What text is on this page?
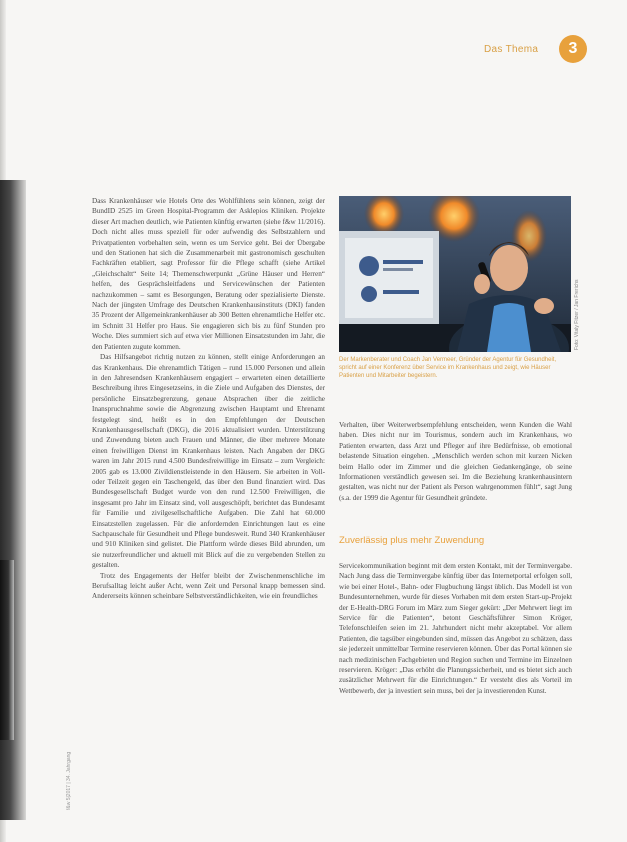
Das Thema	3

Dass Krankenhäuser wie Hotels Orte des Wohlfühlens sein können, zeigt der BundID 2525 im Green Hospital-Programm der Asklepios Kliniken. Projekte dieser Art machen deutlich, wie Patienten künftig erwarten (siehe f&w 11/2016). Doch nicht alles muss speziell für oder aufwendig des Selbstzahlern und Privatpatienten vorbehalten sein, wenn es um Service geht. Bei der Übergabe und den Stationen hat sich die Zusammenarbeit mit gastronomisch geschulten Fachkräften etabliert, sagt Professor für die Pflege schafft (siehe Artikel „Gleichschaltt“ Seite 14; Themenschwerpunkt „Grüne Häuser und Herren“ helfen, des Gesprächsleitfadens und Servicewünschen der Patienten nachzukommen – samt es Besorgungen, Beratung oder spezialisierte Dienste. Nach der jüngsten Umfrage des Deutschen Krankenhausinstituts (DKI) fanden 35 Prozent der Allgemeinkrankenhäuser ab 300 Betten ehrenamtliche Helfer etc. im Schnitt 31 Helfer pro Haus. Sie engagieren sich bis zu fünf Stunden pro Woche. Dies summiert sich auf etwa vier Millionen Einsatzstunden im Jahr, die den Patienten zugute kommen.

Das Hilfsangebot richtig nutzen zu können, stellt einige Anforderungen an das Krankenhaus. Die ehrenamtlich Tätigen – rund 15.000 Personen und allein in den Jahresendsen Krankenhäusern engagiert – erwarteten einen detaillierte Beschreibung ihres Eingesetzseins, in die Ziele und Aufgaben des Dienstes, der persönliche Einsatzbegrenzung, genaue Absprachen über die zeitliche Inanspruchnahme sowie die Abgrenzung zwischen Hauptamt und Ehrenamt festgelegt sind, heißt es in den Empfehlungen der Deutschen Krankenhausgesellschaft (DKG), die 2016 aktualisiert wurden. Unterstützung und Zuwendung bieten auch Frauen und Männer, die über mehrere Monate einen freiwilligen Dienst im Krankenhaus leisten. Nach Angaben der DKG waren im Jahr 2015 rund 4.500 Bundesfreiwillige im Einsatz – zum Vergleich: 2005 gab es 13.000 Zivildienstleistende in den Häusern. Sie arbeiten in Voll- oder Teilzeit gegen ein Taschengeld, das über den Bund finanziert wird. Das Bundesgesellschaft Budget wurde von den rund 12.500 Freiwilligen, die insgesamt pro Jahr im Einsatz sind, voll ausgeschöpft, berichtet das Bundesamt für Familie und zivilgesellschaftliche Aufgaben. Die Zahl hat 60.000 Einsatzstellen zugelassen. Für die anfordernden Einrichtungen laut es eine Sachpauschale für Gesundheit und Pflege bundesweit. Rund 340 Krankenhäuser und 910 Kliniken sind gelistet. Die Plattform würde dieses Bild abrunden, um sie nutzerfreundlicher und aktuell mit Blick auf die zu vergebenden Stellen zu gestalten.

Trotz des Engagements der Helfer bleibt der Zwischenmenschliche im Berufsalltag leicht außer Acht, wenn Zeit und Personal knapp bemessen sind. Andererseits können scheinbare Selbstverständlichkeiten, wie ein freundliches

Foto: Vitaly Fitzer / Jan Frerichs
Der Markenberater und Coach Jan Vermeer, Gründer der Agentur für Gesundheit, spricht auf einer Konferenz über Service im Krankenhaus und zeigt, wie Häuser Patienten und Mitarbeiter begeistern.

Verhalten, über Weiterwerbsempfehlung entscheiden, wenn Kunden die Wahl haben. Dies nicht nur im Tourismus, sondern auch im Krankenhaus, wo Patienten erwarten, dass Arzt und Pfleger auf ihre Bedürfnisse, ob emotional belastende Situation eingehen. „Menschlich werden schon mit kurzen Nicken beim Hallo oder im Zimmer und die gleichen Gedankengänge, ob seine Informationen verständlich gewesen sei. Im die Beziehung krankenhausintern gestalten, was nicht nur der Patient als Person wahrgenommen fühlt“, sagt Jung (s.a. der 1999 die Agentur für Gesundheit gründete.

Zuverlässig plus mehr Zuwendung

Servicekommunikation beginnt mit dem ersten Kontakt, mit der Terminvergabe. Nach Jung dass die Terminvergabe künftig über das Internetportal erfolgen soll, wie bei einer Hotel-, Bahn- oder Flugbuchung längst üblich. Das Modell ist von Bundesunternehmen, wurde für dieses Vorhaben mit dem ersten Start-up-Projekt der E-Health-DRG Forum im März zum Sieger gekürt: „Der Mehrwert liegt im Service für die Patienten“, betont Geschäftsführer Simon Kröger, Telefonschleifen seien im 21. Jahrhundert nicht mehr akzeptabel. Vor allem Patienten, die tagsüber eingebunden sind, müssen das Angebot zu schätzen, dass sie jederzeit unmittelbar Termine reservieren können. Über das Portal können sie nach medizinischen Fachgebieten und Region suchen und Termine im Einzelnen reservieren. Kröger: „Das erhöht die Planungssicherheit, und es bietet sich auch zusätzlicher Mehrwert für die Einrichtungen.“ Er versteht dies als Vorteil im Wettbewerb, der ja investiert sein muss, bei der ja investierenden Kunst.

f&w 5|2017 | 34. Jahrgang
